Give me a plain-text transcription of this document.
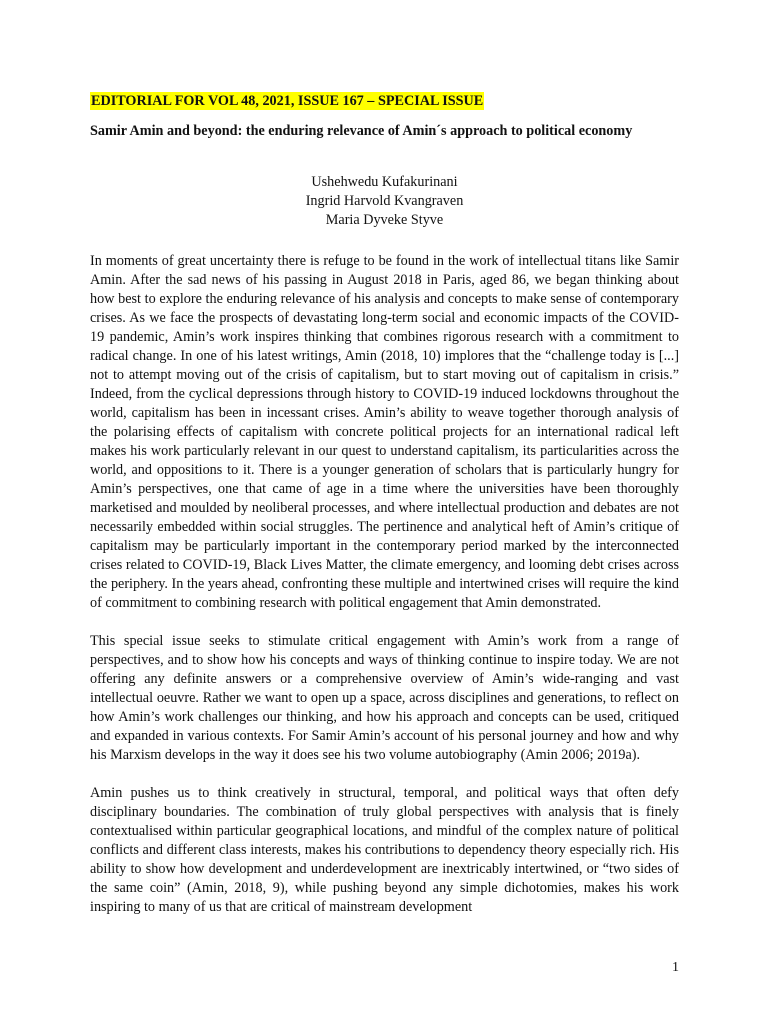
EDITORIAL FOR VOL 48, 2021, ISSUE 167 – SPECIAL ISSUE
Samir Amin and beyond: the enduring relevance of Amin´s approach to political economy
Ushehwedu Kufakurinani
Ingrid Harvold Kvangraven
Maria Dyveke Styve

In moments of great uncertainty there is refuge to be found in the work of intellectual titans like Samir Amin. After the sad news of his passing in August 2018 in Paris, aged 86, we began thinking about how best to explore the enduring relevance of his analysis and concepts to make sense of contemporary crises. As we face the prospects of devastating long-term social and economic impacts of the COVID-19 pandemic, Amin’s work inspires thinking that combines rigorous research with a commitment to radical change. In one of his latest writings, Amin (2018, 10) implores that the “challenge today is [...] not to attempt moving out of the crisis of capitalism, but to start moving out of capitalism in crisis.” Indeed, from the cyclical depressions through history to COVID-19 induced lockdowns throughout the world, capitalism has been in incessant crises. Amin’s ability to weave together thorough analysis of the polarising effects of capitalism with concrete political projects for an international radical left makes his work particularly relevant in our quest to understand capitalism, its particularities across the world, and oppositions to it. There is a younger generation of scholars that is particularly hungry for Amin’s perspectives, one that came of age in a time where the universities have been thoroughly marketised and moulded by neoliberal processes, and where intellectual production and debates are not necessarily embedded within social struggles. The pertinence and analytical heft of Amin’s critique of capitalism may be particularly important in the contemporary period marked by the interconnected crises related to COVID-19, Black Lives Matter, the climate emergency, and looming debt crises across the periphery. In the years ahead, confronting these multiple and intertwined crises will require the kind of commitment to combining research with political engagement that Amin demonstrated.

This special issue seeks to stimulate critical engagement with Amin’s work from a range of perspectives, and to show how his concepts and ways of thinking continue to inspire today. We are not offering any definite answers or a comprehensive overview of Amin’s wide-ranging and vast intellectual oeuvre. Rather we want to open up a space, across disciplines and generations, to reflect on how Amin’s work challenges our thinking, and how his approach and concepts can be used, critiqued and expanded in various contexts. For Samir Amin’s account of his personal journey and how and why his Marxism develops in the way it does see his two volume autobiography (Amin 2006; 2019a).

Amin pushes us to think creatively in structural, temporal, and political ways that often defy disciplinary boundaries. The combination of truly global perspectives with analysis that is finely contextualised within particular geographical locations, and mindful of the complex nature of political conflicts and different class interests, makes his contributions to dependency theory especially rich. His ability to show how development and underdevelopment are inextricably intertwined, or “two sides of the same coin” (Amin, 2018, 9), while pushing beyond any simple dichotomies, makes his work inspiring to many of us that are critical of mainstream development

1
